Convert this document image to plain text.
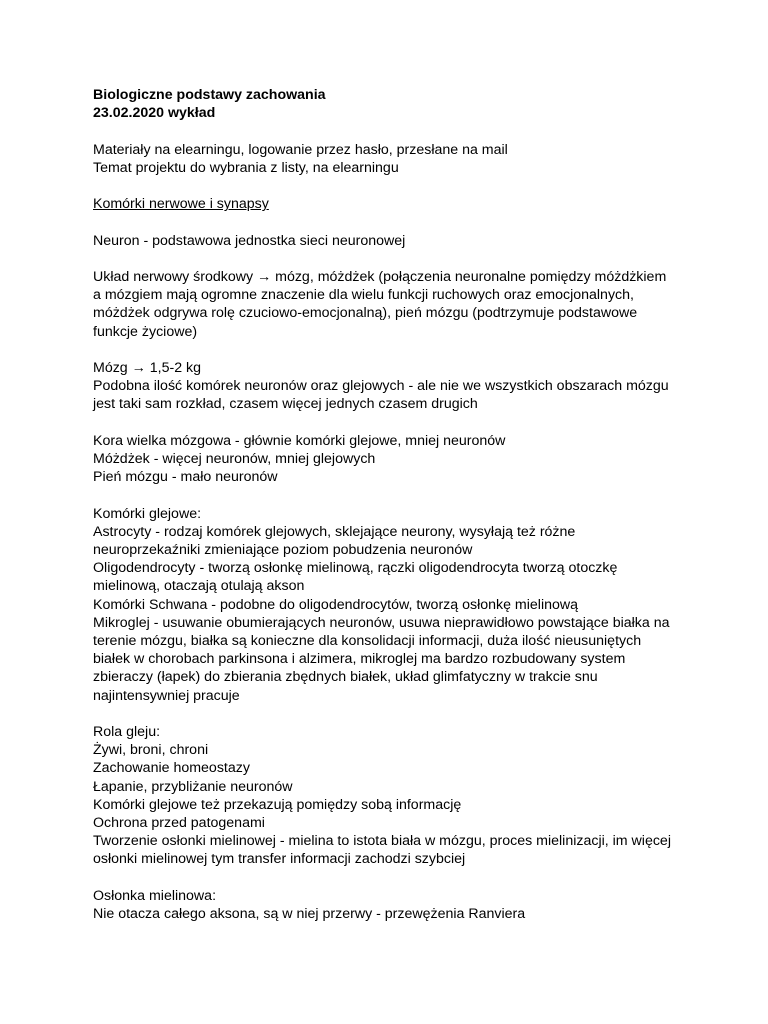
Biologiczne podstawy zachowania

23.02.2020 wykład

Materiały na elearningu, logowanie przez hasło, przesłane na mail

Temat projektu do wybrania z listy, na elearningu

Komórki nerwowe i synapsy

Neuron - podstawowa jednostka sieci neuronowej

Układ nerwowy środkowy → mózg, móżdżek (połączenia neuronalne pomiędzy móżdżkiem

a mózgiem mają ogromne znaczenie dla wielu funkcji ruchowych oraz emocjonalnych,

móżdżek odgrywa rolę czuciowo-emocjonalną), pień mózgu (podtrzymuje podstawowe

funkcje życiowe)

Mózg → 1,5-2 kg

Podobna ilość komórek neuronów oraz glejowych - ale nie we wszystkich obszarach mózgu

jest taki sam rozkład, czasem więcej jednych czasem drugich

Kora wielka mózgowa - głównie komórki glejowe, mniej neuronów

Móżdżek - więcej neuronów, mniej glejowych

Pień mózgu - mało neuronów

Komórki glejowe:

Astrocyty - rodzaj komórek glejowych, sklejające neurony, wysyłają też różne

neuroprzekaźniki zmieniające poziom pobudzenia neuronów

Oligodendrocyty - tworzą osłonkę mielinową, rączki oligodendrocyta tworzą otoczkę

mielinową, otaczają otulają akson

Komórki Schwana - podobne do oligodendrocytów, tworzą osłonkę mielinową

Mikroglej - usuwanie obumierających neuronów, usuwa nieprawidłowo powstające białka na

terenie mózgu, białka są konieczne dla konsolidacji informacji, duża ilość nieusuniętych

białek w chorobach parkinsona i alzimera, mikroglej ma bardzo rozbudowany system

zbieraczy (łapek) do zbierania zbędnych białek, układ glimfatyczny w trakcie snu

najintensywniej pracuje

Rola gleju:

Żywi, broni, chroni

Zachowanie homeostazy

Łapanie, przybliżanie neuronów

Komórki glejowe też przekazują pomiędzy sobą informację

Ochrona przed patogenami

Tworzenie osłonki mielinowej - mielina to istota biała w mózgu, proces mielinizacji, im więcej

osłonki mielinowej tym transfer informacji zachodzi szybciej

Osłonka mielinowa:

Nie otacza całego aksona, są w niej przerwy - przewężenia Ranviera
